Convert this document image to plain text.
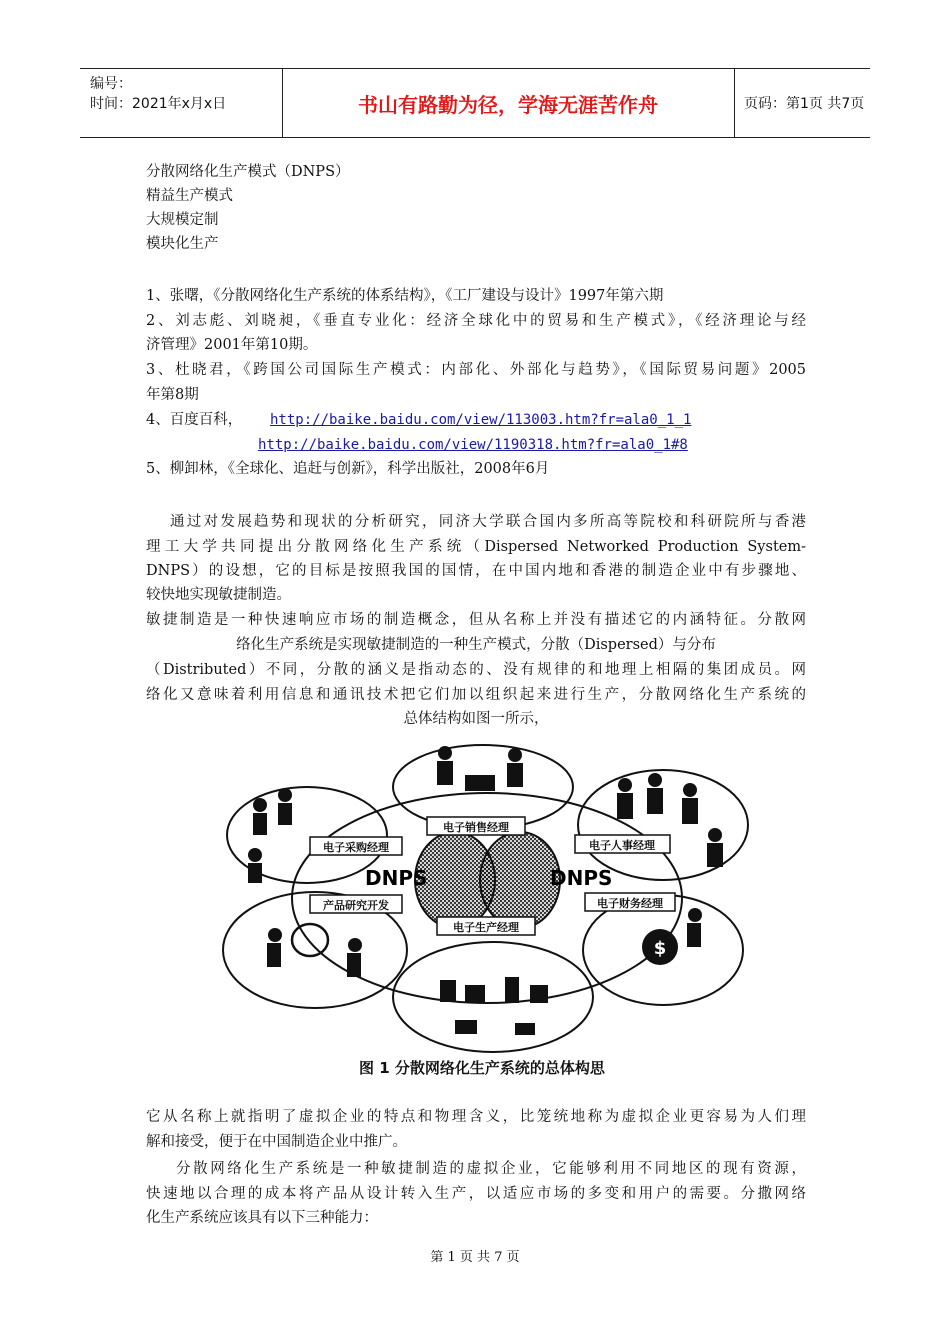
编号：
时间：2021年x月x日	书山有路勤为径，学海无涯苦作舟	页码：第1页 共7页
分散网络化生产模式（DNPS）
精益生产模式
大规模定制
模块化生产
1、张曙，《分散网络化生产系统的体系结构》，《工厂建设与设计》1997年第六期
2、刘志彪、刘晓昶，《垂直专业化：经济全球化中的贸易和生产模式》，《经济理论与经
济管理》2001年第10期。
3、杜晓君，《跨国公司国际生产模式：内部化、外部化与趋势》，《国际贸易问题》2005
年第8期
4、百度百科， http://baike.baidu.com/view/113003.htm?fr=ala0_1_1
http://baike.baidu.com/view/1190318.htm?fr=ala0_1#8
5、柳卸林，《全球化、追赶与创新》，科学出版社，2008年6月
通过对发展趋势和现状的分析研究，同济大学联合国内多所高等院校和科研院所与香港
理工大学共同提出分散网络化生产系统（Dispersed Networked Production System-
DNPS）的设想，它的目标是按照我国的国情，在中国内地和香港的制造企业中有步骤地、
较快地实现敏捷制造。
敏捷制造是一种快速响应市场的制造概念，但从名称上并没有描述它的内涵特征。分散网
络化生产系统是实现敏捷制造的一种生产模式，分散（Dispersed）与分布
（Distributed）不同，分散的涵义是指动态的、没有规律的和地理上相隔的集团成员。网
络化又意味着利用信息和通讯技术把它们加以组织起来进行生产，分散网络化生产系统的
总体结构如图一所示，
$
DNPS	DNPS
电子销售经理
电子采购经理	电子人事经理
产品研究开发	电子财务经理
电子生产经理
图 1 分散网络化生产系统的总体构思
它从名称上就指明了虚拟企业的特点和物理含义，比笼统地称为虚拟企业更容易为人们理
解和接受，便于在中国制造企业中推广。
分散网络化生产系统是一种敏捷制造的虚拟企业，它能够利用不同地区的现有资源，
快速地以合理的成本将产品从设计转入生产，以适应市场的多变和用户的需要。分撒网络
化生产系统应该具有以下三种能力：
第 1 页 共 7 页
